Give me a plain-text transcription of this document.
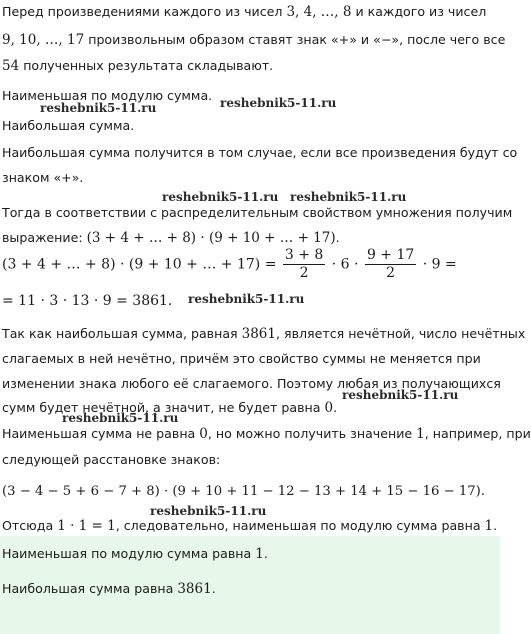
Перед произведениями каждого из чисел 3, 4, …, 8 и каждого из чисел
9, 10, …, 17 произвольным образом ставят знак «+» и «−», после чего все
54 полученных результата складывают.
Наименьшая по модулю сумма.
reshebnik5-11.ru	reshebnik5-11.ru
Наибольшая сумма.
Наибольшая сумма получится в том случае, если все произведения будут со
знаком «+».
reshebnik5-11.ru reshebnik5-11.ru
Тогда в соответствии с распределительным свойством умножения получим
выражение: (3 + 4 + … + 8) · (9 + 10 + … + 17).
(3 + 4 + … + 8) · (9 + 10 + … + $17) = \frac{3 + 8}{2} \cdot 6 \cdot \frac{9 + 17}{2} \cdot 9$ =
= 11 · 3 · 13 · 9 = 3861. reshebnik5-11.ru
Так как наибольшая сумма, равная 3861, является нечётной, число нечётных
слагаемых в ней нечётно, причём это свойство суммы не меняется при
изменении знака любого её слагаемого. Поэтому любая из получающихся
сумм будет нечётной, а значит, не будет равна 0.
reshebnik5-11.ru
reshebnik5-11.ru
Наименьшая сумма не равна 0, но можно получить значение 1, например, при
следующей расстановке знаков:
(3 − 4 − 5 + 6 − 7 + 8) · (9 + 10 + 11 − 12 − 13 + 14 + 15 − 16 − 17).
reshebnik5-11.ru
Отсюда 1 · 1 = 1, следовательно, наименьшая по модулю сумма равна 1.
Наименьшая по модулю сумма равна 1.
Наибольшая сумма равна 3861.
